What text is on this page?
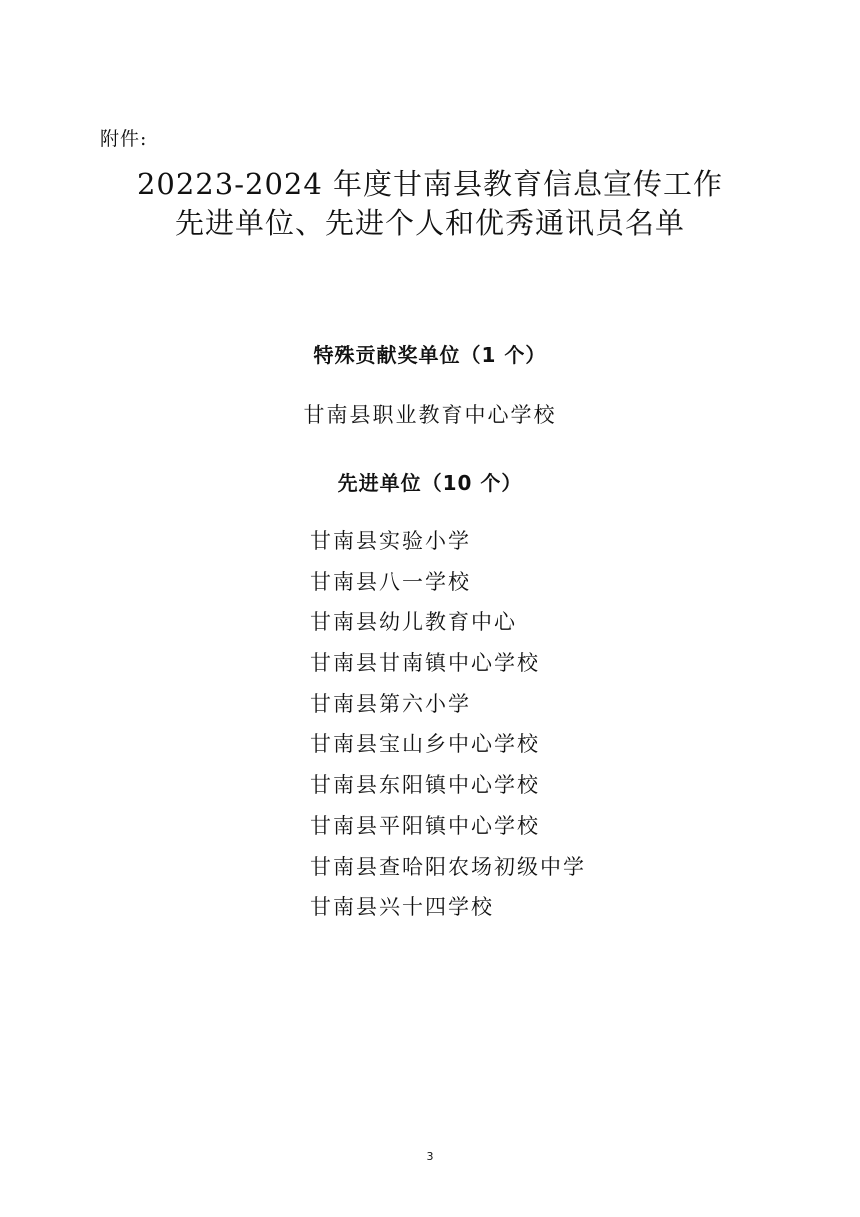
附件:
20223-2024 年度甘南县教育信息宣传工作
先进单位、先进个人和优秀通讯员名单
特殊贡献奖单位（1 个）
甘南县职业教育中心学校
先进单位（10 个）
甘南县实验小学
甘南县八一学校
甘南县幼儿教育中心
甘南县甘南镇中心学校
甘南县第六小学
甘南县宝山乡中心学校
甘南县东阳镇中心学校
甘南县平阳镇中心学校
甘南县查哈阳农场初级中学
甘南县兴十四学校
3
